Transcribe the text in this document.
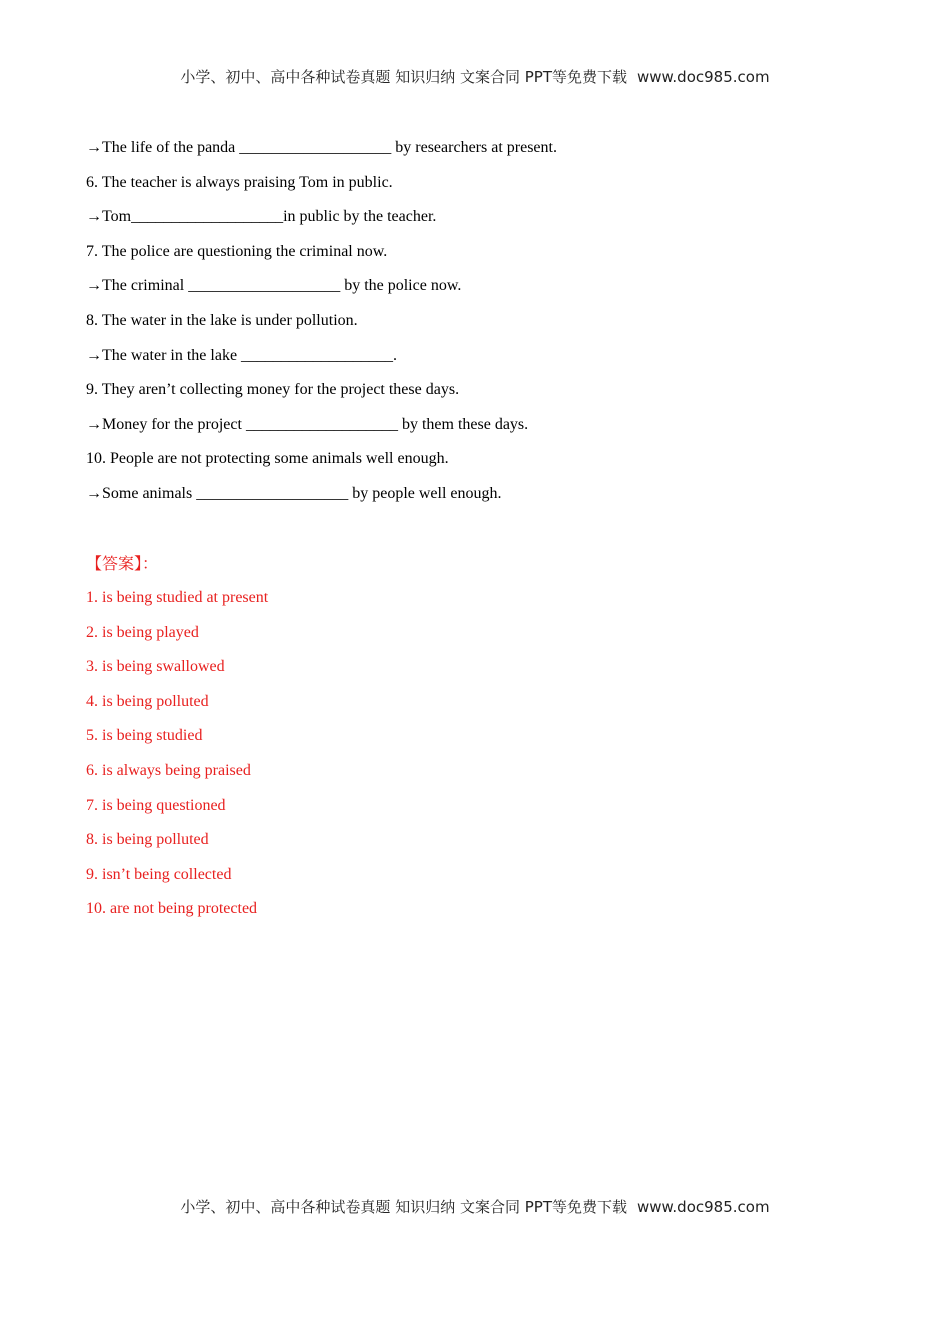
小学、初中、高中各种试卷真题 知识归纳 文案合同 PPT等免费下载 www.doc985.com
→The life of the panda ___________________ by researchers at present.
6. The teacher is always praising Tom in public.
→Tom___________________in public by the teacher.
7. The police are questioning the criminal now.
→The criminal ___________________ by the police now.
8. The water in the lake is under pollution.
→The water in the lake ___________________.
9. They aren’t collecting money for the project these days.
→Money for the project ___________________ by them these days.
10. People are not protecting some animals well enough.
→Some animals ___________________ by people well enough.
【答案】：
1. is being studied at present
2. is being played
3. is being swallowed
4. is being polluted
5. is being studied
6. is always being praised
7. is being questioned
8. is being polluted
9. isn’t being collected
10. are not being protected
小学、初中、高中各种试卷真题 知识归纳 文案合同 PPT等免费下载 www.doc985.com
